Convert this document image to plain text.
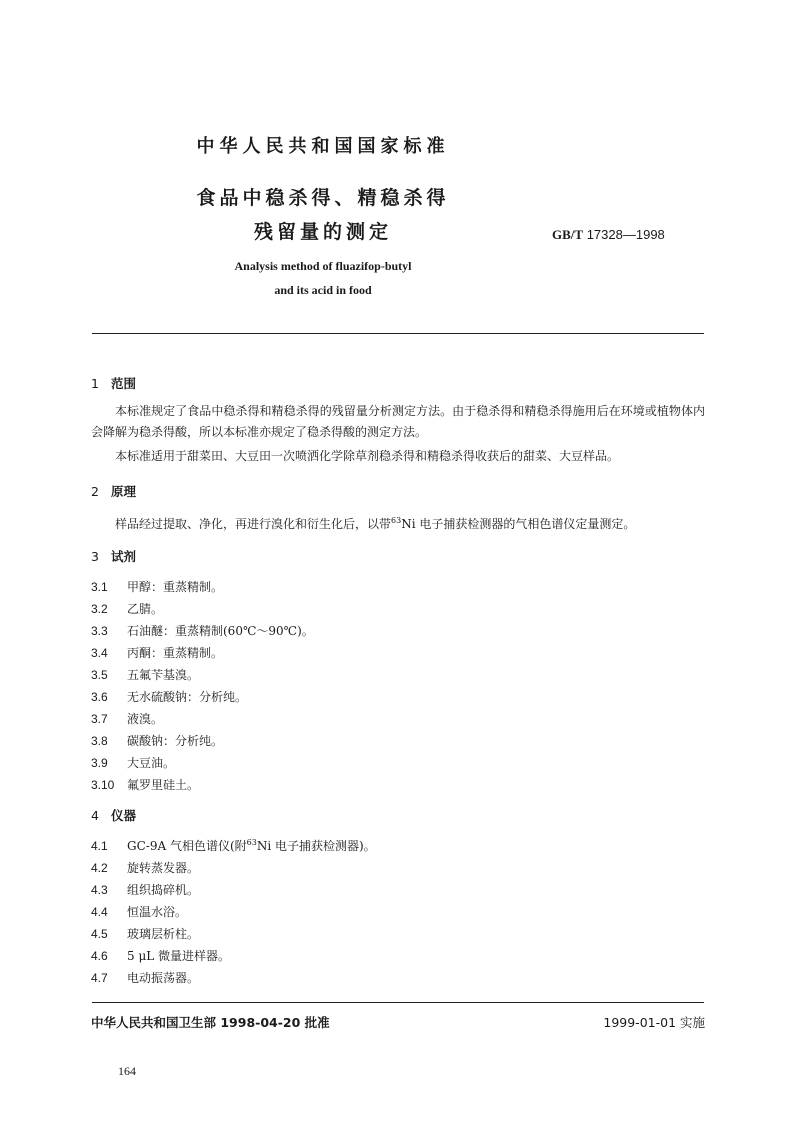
中华人民共和国国家标准
食品中稳杀得、精稳杀得
残留量的测定	GB/T 17328—1998
Analysis method of fluazifop-butyl
and its acid in food
1 范围
本标准规定了食品中稳杀得和精稳杀得的残留量分析测定方法。由于稳杀得和精稳杀得施用后在环境或植物体内会降解为稳杀得酸，所以本标准亦规定了稳杀得酸的测定方法。
本标准适用于甜菜田、大豆田一次喷洒化学除草剂稳杀得和精稳杀得收获后的甜菜、大豆样品。
2 原理
样品经过提取、净化，再进行溴化和衍生化后，以带$^{63}$Ni 电子捕获检测器的气相色谱仪定量测定。
3 试剂
3.1 甲醇：重蒸精制。
3.2 乙腈。
3.3 石油醚：重蒸精制(60℃～90℃)。
3.4 丙酮：重蒸精制。
3.5 五氟苄基溴。
3.6 无水硫酸钠：分析纯。
3.7 液溴。
3.8 碳酸钠：分析纯。
3.9 大豆油。
3.10 氟罗里硅土。
4 仪器
4.1 GC-9A 气相色谱仪(附$^{63}$Ni 电子捕获检测器)。
4.2 旋转蒸发器。
4.3 组织捣碎机。
4.4 恒温水浴。
4.5 玻璃层析柱。
4.6 5 μL 微量进样器。
4.7 电动振荡器。
中华人民共和国卫生部 1998-04-20 批准	1999-01-01 实施
164
